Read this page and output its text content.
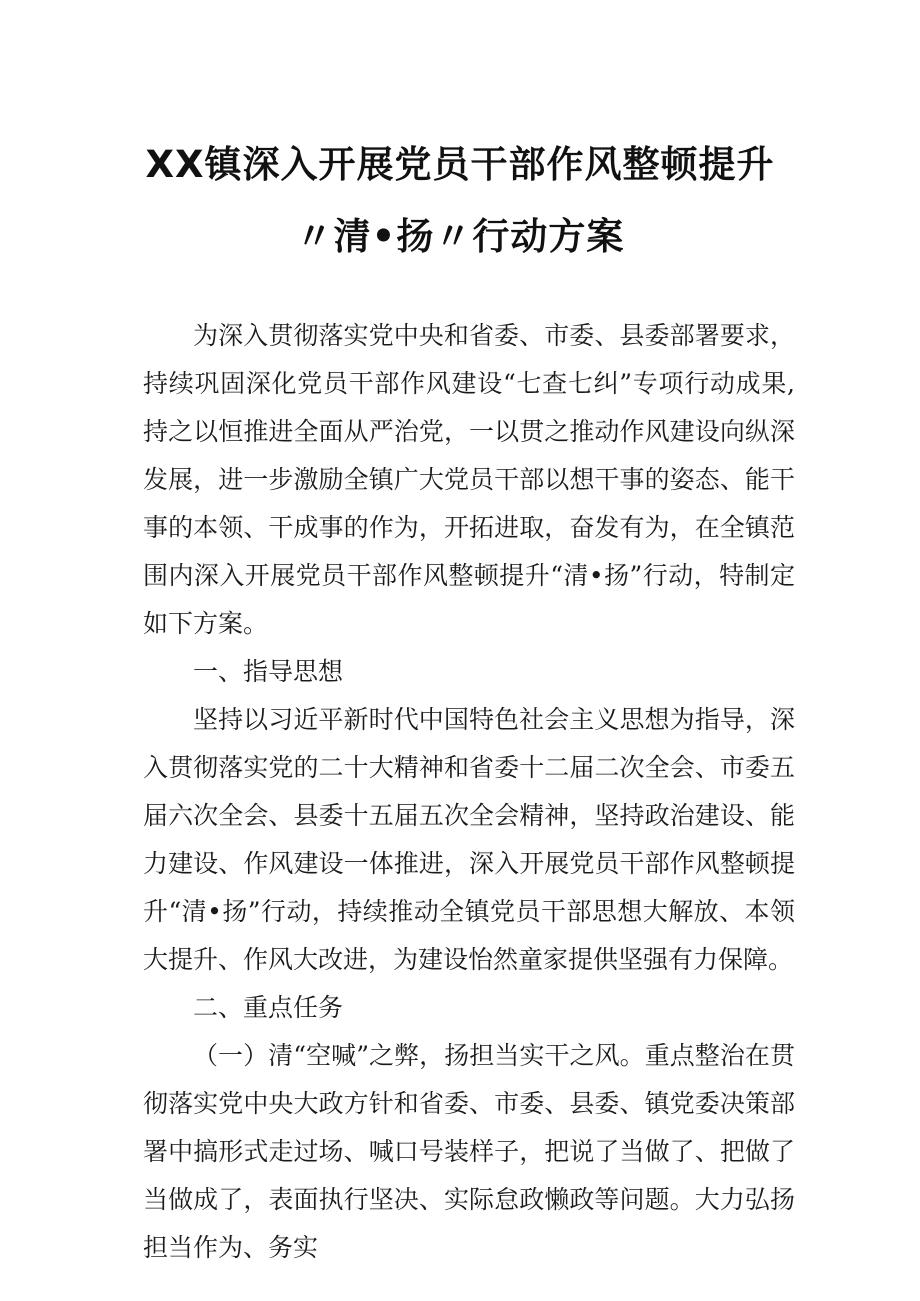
XX镇深入开展党员干部作风整顿提升
〃清•扬〃行动方案

为深入贯彻落实党中央和省委、市委、县委部署要求，持续巩固深化党员干部作风建设“七查七纠”专项行动成果,持之以恒推进全面从严治党，一以贯之推动作风建设向纵深发展，进一步激励全镇广大党员干部以想干事的姿态、能干事的本领、干成事的作为，开拓进取，奋发有为，在全镇范围内深入开展党员干部作风整顿提升“清•扬”行动，特制定如下方案。

一、指导思想

坚持以习近平新时代中国特色社会主义思想为指导，深入贯彻落实党的二十大精神和省委十二届二次全会、市委五届六次全会、县委十五届五次全会精神，坚持政治建设、能力建设、作风建设一体推进，深入开展党员干部作风整顿提升“清•扬”行动，持续推动全镇党员干部思想大解放、本领大提升、作风大改进，为建设怡然童家提供坚强有力保障。

二、重点任务

（一）清“空喊”之弊，扬担当实干之风。重点整治在贯彻落实党中央大政方针和省委、市委、县委、镇党委决策部署中搞形式走过场、喊口号装样子，把说了当做了、把做了当做成了，表面执行坚决、实际怠政懒政等问题。大力弘扬担当作为、务实
